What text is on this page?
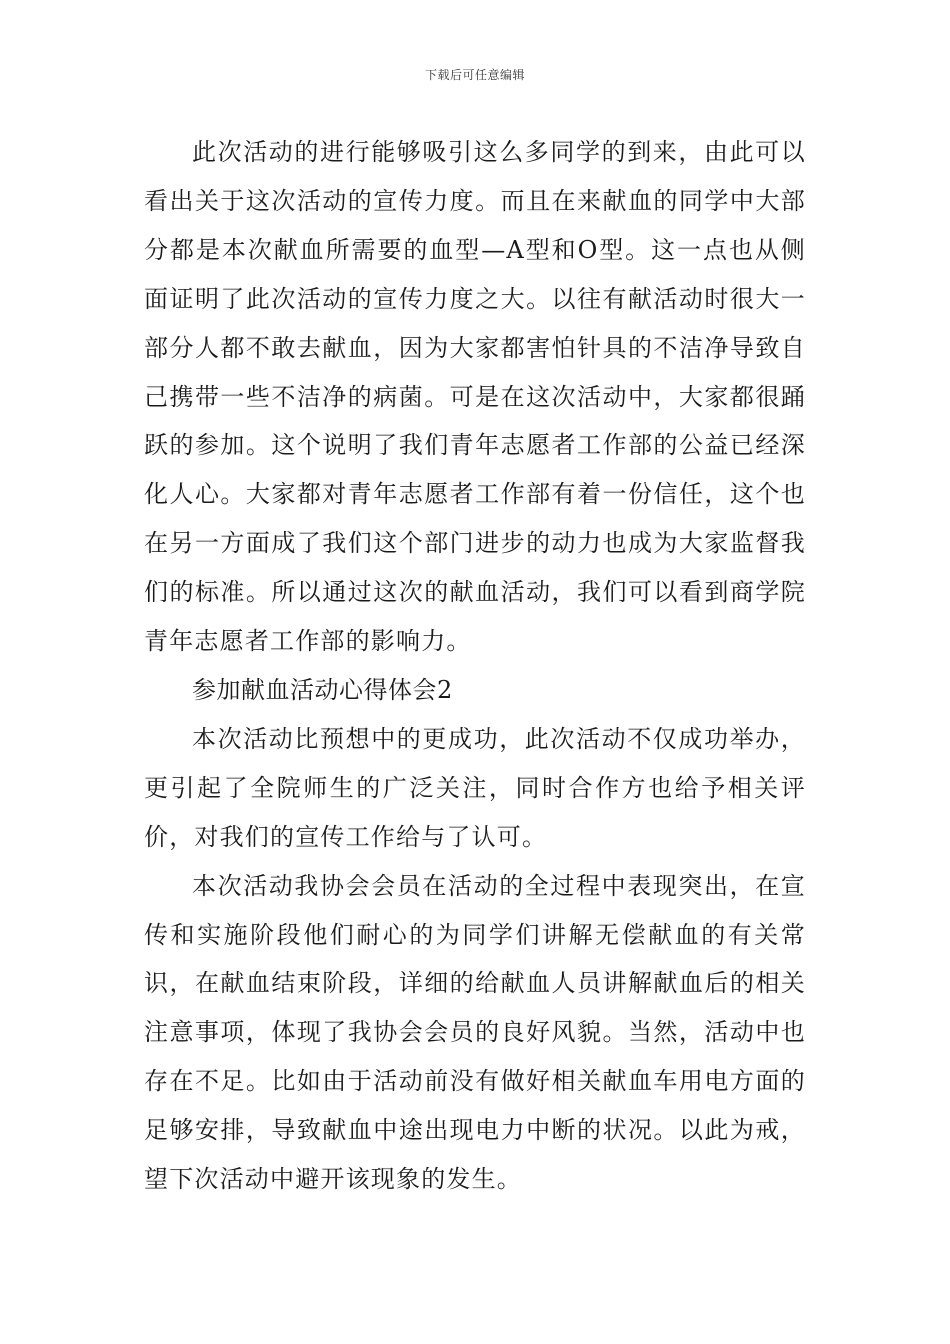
下载后可任意编辑

此次活动的进行能够吸引这么多同学的到来，由此可以看出关于这次活动的宣传力度。而且在来献血的同学中大部分都是本次献血所需要的血型—A型和O型。这一点也从侧面证明了此次活动的宣传力度之大。以往有献活动时很大一部分人都不敢去献血，因为大家都害怕针具的不洁净导致自己携带一些不洁净的病菌。可是在这次活动中，大家都很踊跃的参加。这个说明了我们青年志愿者工作部的公益已经深化人心。大家都对青年志愿者工作部有着一份信任，这个也在另一方面成了我们这个部门进步的动力也成为大家监督我们的标准。所以通过这次的献血活动，我们可以看到商学院青年志愿者工作部的影响力。

参加献血活动心得体会2

本次活动比预想中的更成功，此次活动不仅成功举办，更引起了全院师生的广泛关注，同时合作方也给予相关评价，对我们的宣传工作给与了认可。

本次活动我协会会员在活动的全过程中表现突出，在宣传和实施阶段他们耐心的为同学们讲解无偿献血的有关常识，在献血结束阶段，详细的给献血人员讲解献血后的相关注意事项，体现了我协会会员的良好风貌。当然，活动中也存在不足。比如由于活动前没有做好相关献血车用电方面的足够安排，导致献血中途出现电力中断的状况。以此为戒，望下次活动中避开该现象的发生。
